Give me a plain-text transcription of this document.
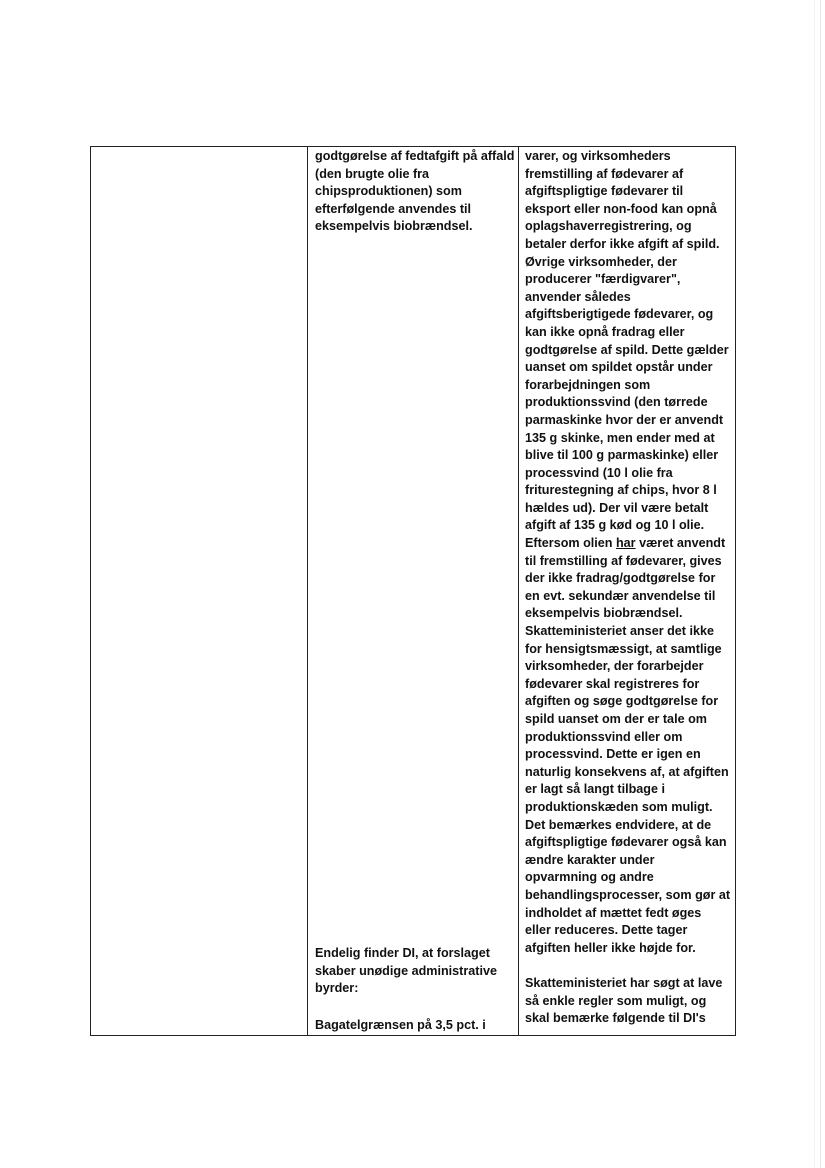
godtgørelse af fedtafgift på affald
(den brugte olie fra
chipsproduktionen) som
efterfølgende anvendes til
eksempelvis biobrændsel.
Endelig finder DI, at forslaget
skaber unødige administrative
byrder:
Bagatelgrænsen på 3,5 pct. i
varer, og virksomheders
fremstilling af fødevarer af
afgiftspligtige fødevarer til
eksport eller non-food kan opnå
oplagshaverregistrering, og
betaler derfor ikke afgift af spild.
Øvrige virksomheder, der
producerer "færdigvarer",
anvender således
afgiftsberigtigede fødevarer, og
kan ikke opnå fradrag eller
godtgørelse af spild. Dette gælder
uanset om spildet opstår under
forarbejdningen som
produktionssvind (den tørrede
parmaskinke hvor der er anvendt
135 g skinke, men ender med at
blive til 100 g parmaskinke) eller
processvind (10 l olie fra
friturestegning af chips, hvor 8 l
hældes ud). Der vil være betalt
afgift af 135 g kød og 10 l olie.
Eftersom olien har været anvendt
til fremstilling af fødevarer, gives
der ikke fradrag/godtgørelse for
en evt. sekundær anvendelse til
eksempelvis biobrændsel.
Skatteministeriet anser det ikke
for hensigtsmæssigt, at samtlige
virksomheder, der forarbejder
fødevarer skal registreres for
afgiften og søge godtgørelse for
spild uanset om der er tale om
produktionssvind eller om
processvind. Dette er igen en
naturlig konsekvens af, at afgiften
er lagt så langt tilbage i
produktionskæden som muligt.
Det bemærkes endvidere, at de
afgiftspligtige fødevarer også kan
ændre karakter under
opvarmning og andre
behandlingsprocesser, som gør at
indholdet af mættet fedt øges
eller reduceres. Dette tager
afgiften heller ikke højde for.
Skatteministeriet har søgt at lave
så enkle regler som muligt, og
skal bemærke følgende til DI's
